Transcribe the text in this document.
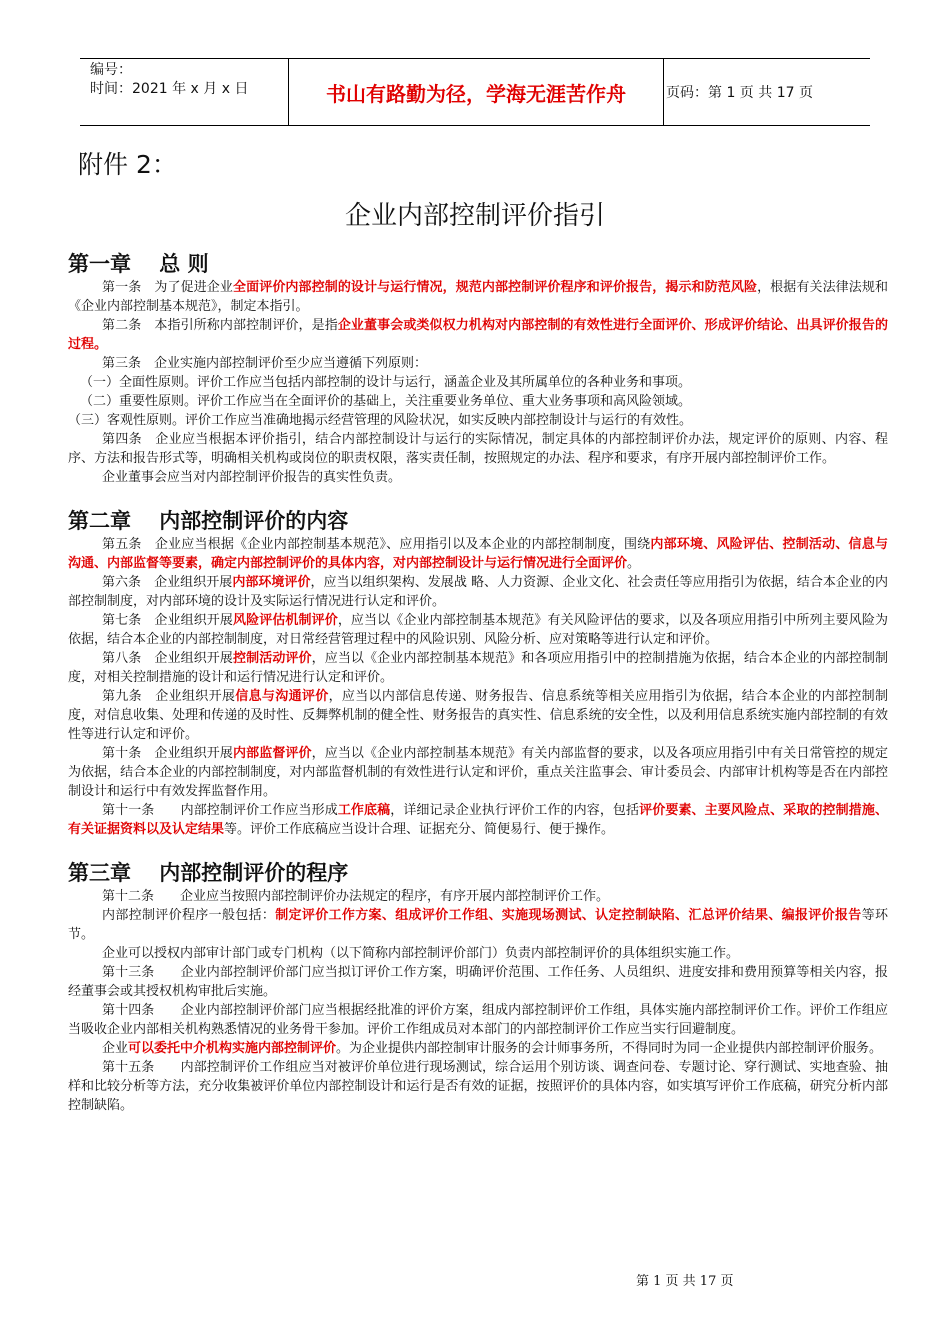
编号：
时间：2021 年 x 月 x 日	书山有路勤为径，学海无涯苦作舟	页码：第 1 页 共 17 页
附件 2：
企业内部控制评价指引
第一章　 总 则

第一条　为了促进企业全面评价内部控制的设计与运行情况，规范内部控制评价程序和评价报告，揭示和防范风险，根据有关法律法规和《企业内部控制基本规范》，制定本指引。

第二条　本指引所称内部控制评价，是指企业董事会或类似权力机构对内部控制的有效性进行全面评价、形成评价结论、出具评价报告的过程。

第三条　企业实施内部控制评价至少应当遵循下列原则：

（一）全面性原则。评价工作应当包括内部控制的设计与运行，涵盖企业及其所属单位的各种业务和事项。

（二）重要性原则。评价工作应当在全面评价的基础上，关注重要业务单位、重大业务事项和高风险领域。

（三）客观性原则。评价工作应当准确地揭示经营管理的风险状况，如实反映内部控制设计与运行的有效性。

第四条　企业应当根据本评价指引，结合内部控制设计与运行的实际情况，制定具体的内部控制评价办法，规定评价的原则、内容、程序、方法和报告形式等，明确相关机构或岗位的职责权限，落实责任制，按照规定的办法、程序和要求，有序开展内部控制评价工作。

企业董事会应当对内部控制评价报告的真实性负责。

第二章　 内部控制评价的内容

第五条　企业应当根据《企业内部控制基本规范》、应用指引以及本企业的内部控制制度，围绕内部环境、风险评估、控制活动、信息与沟通、内部监督等要素，确定内部控制评价的具体内容，对内部控制设计与运行情况进行全面评价。

第六条　企业组织开展内部环境评价，应当以组织架构、发展战 略、人力资源、企业文化、社会责任等应用指引为依据，结合本企业的内部控制制度，对内部环境的设计及实际运行情况进行认定和评价。

第七条　企业组织开展风险评估机制评价，应当以《企业内部控制基本规范》有关风险评估的要求，以及各项应用指引中所列主要风险为依据，结合本企业的内部控制制度，对日常经营管理过程中的风险识别、风险分析、应对策略等进行认定和评价。

第八条　企业组织开展控制活动评价，应当以《企业内部控制基本规范》和各项应用指引中的控制措施为依据，结合本企业的内部控制制度，对相关控制措施的设计和运行情况进行认定和评价。

第九条　企业组织开展信息与沟通评价，应当以内部信息传递、财务报告、信息系统等相关应用指引为依据，结合本企业的内部控制制度，对信息收集、处理和传递的及时性、反舞弊机制的健全性、财务报告的真实性、信息系统的安全性，以及利用信息系统实施内部控制的有效性等进行认定和评价。

第十条　企业组织开展内部监督评价，应当以《企业内部控制基本规范》有关内部监督的要求，以及各项应用指引中有关日常管控的规定为依据，结合本企业的内部控制制度，对内部监督机制的有效性进行认定和评价，重点关注监事会、审计委员会、内部审计机构等是否在内部控制设计和运行中有效发挥监督作用。

第十一条　　内部控制评价工作应当形成工作底稿，详细记录企业执行评价工作的内容，包括评价要素、主要风险点、采取的控制措施、有关证据资料以及认定结果等。评价工作底稿应当设计合理、证据充分、简便易行、便于操作。

第三章　 内部控制评价的程序

第十二条　　企业应当按照内部控制评价办法规定的程序，有序开展内部控制评价工作。

内部控制评价程序一般包括：制定评价工作方案、组成评价工作组、实施现场测试、认定控制缺陷、汇总评价结果、编报评价报告等环节。

企业可以授权内部审计部门或专门机构（以下简称内部控制评价部门）负责内部控制评价的具体组织实施工作。

第十三条　　企业内部控制评价部门应当拟订评价工作方案，明确评价范围、工作任务、人员组织、进度安排和费用预算等相关内容，报经董事会或其授权机构审批后实施。

第十四条　　企业内部控制评价部门应当根据经批准的评价方案，组成内部控制评价工作组，具体实施内部控制评价工作。评价工作组应当吸收企业内部相关机构熟悉情况的业务骨干参加。评价工作组成员对本部门的内部控制评价工作应当实行回避制度。

企业可以委托中介机构实施内部控制评价。为企业提供内部控制审计服务的会计师事务所，不得同时为同一企业提供内部控制评价服务。

第十五条　　内部控制评价工作组应当对被评价单位进行现场测试，综合运用个别访谈、调查问卷、专题讨论、穿行测试、实地查验、抽样和比较分析等方法，充分收集被评价单位内部控制设计和运行是否有效的证据，按照评价的具体内容，如实填写评价工作底稿，研究分析内部控制缺陷。

第 1 页 共 17 页
